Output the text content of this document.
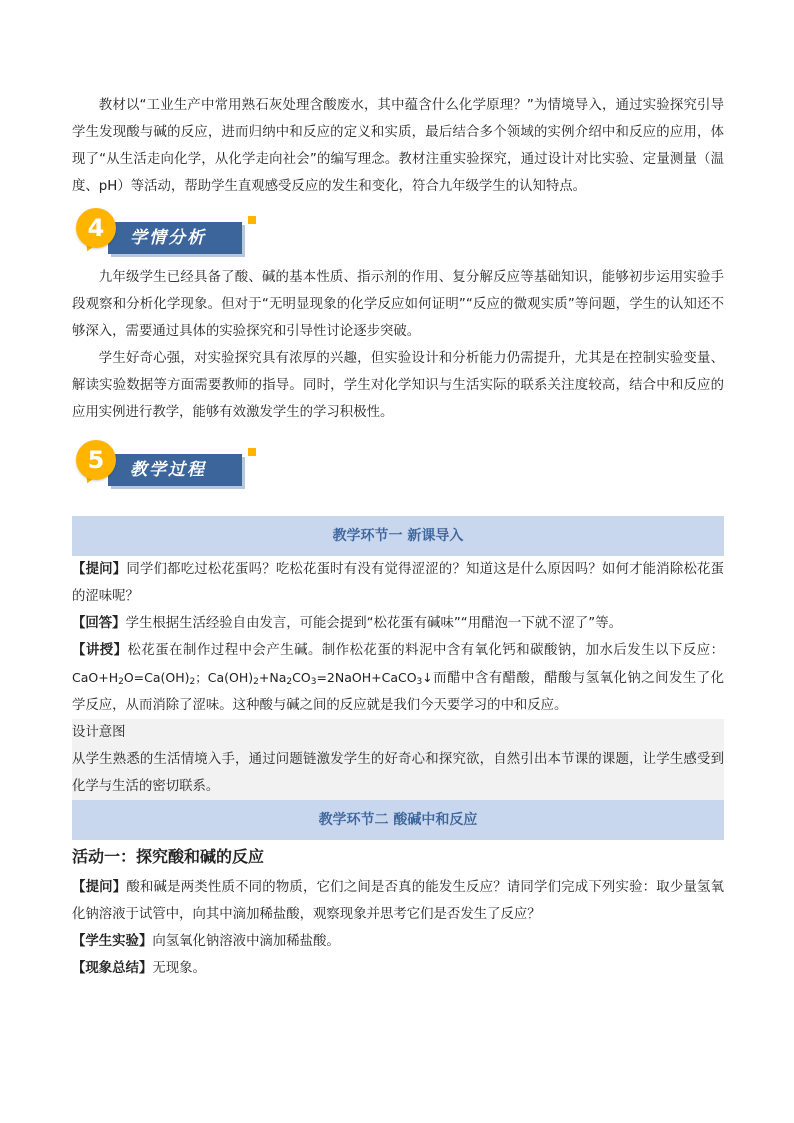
教材以“工业生产中常用熟石灰处理含酸废水，其中蕴含什么化学原理？”为情境导入，通过实验探究引导学生发现酸与碱的反应，进而归纳中和反应的定义和实质，最后结合多个领域的实例介绍中和反应的应用，体现了“从生活走向化学，从化学走向社会”的编写理念。教材注重实验探究，通过设计对比实验、定量测量（温度、pH）等活动，帮助学生直观感受反应的发生和变化，符合九年级学生的认知特点。

4	学情分析

九年级学生已经具备了酸、碱的基本性质、指示剂的作用、复分解反应等基础知识，能够初步运用实验手段观察和分析化学现象。但对于“无明显现象的化学反应如何证明”“反应的微观实质”等问题，学生的认知还不够深入，需要通过具体的实验探究和引导性讨论逐步突破。

学生好奇心强，对实验探究具有浓厚的兴趣，但实验设计和分析能力仍需提升，尤其是在控制实验变量、解读实验数据等方面需要教师的指导。同时，学生对化学知识与生活实际的联系关注度较高，结合中和反应的应用实例进行教学，能够有效激发学生的学习积极性。

5	教学过程
教学环节一 新课导入

【提问】同学们都吃过松花蛋吗？吃松花蛋时有没有觉得涩涩的？知道这是什么原因吗？如何才能消除松花蛋的涩味呢？

【回答】学生根据生活经验自由发言，可能会提到“松花蛋有碱味”“用醋泡一下就不涩了”等。

【讲授】松花蛋在制作过程中会产生碱。制作松花蛋的料泥中含有氧化钙和碳酸钠，加水后发生以下反应：$CaO+H_2O=Ca(OH)_2$；$Ca(OH)_2+Na_2CO_3=2NaOH+CaCO_3↓$而醋中含有醋酸，醋酸与氢氧化钠之间发生了化学反应，从而消除了涩味。这种酸与碱之间的反应就是我们今天要学习的中和反应。

设计意图

从学生熟悉的生活情境入手，通过问题链激发学生的好奇心和探究欲，自然引出本节课的课题，让学生感受到化学与生活的密切联系。

教学环节二 酸碱中和反应
活动一：探究酸和碱的反应

【提问】酸和碱是两类性质不同的物质，它们之间是否真的能发生反应？请同学们完成下列实验：取少量氢氧化钠溶液于试管中，向其中滴加稀盐酸，观察现象并思考它们是否发生了反应？

【学生实验】向氢氧化钠溶液中滴加稀盐酸。

【现象总结】无现象。
